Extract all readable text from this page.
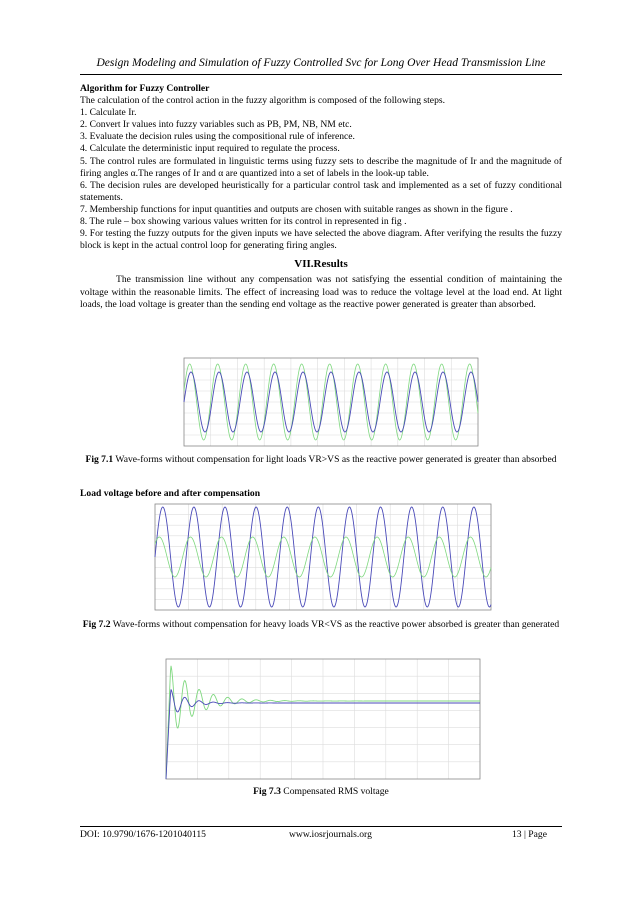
Design Modeling and Simulation of Fuzzy Controlled Svc for Long Over Head Transmission Line

Algorithm for Fuzzy Controller

The calculation of the control action in the fuzzy algorithm is composed of the following steps.

1. Calculate Ir.

2. Convert Ir values into fuzzy variables such as PB, PM, NB, NM etc.

3. Evaluate the decision rules using the compositional rule of inference.

4. Calculate the deterministic input required to regulate the process.

5. The control rules are formulated in linguistic terms using fuzzy sets to describe the magnitude of Ir and the magnitude of firing angles α.The ranges of Ir and α are quantized into a set of labels in the look-up table.

6. The decision rules are developed heuristically for a particular control task and implemented as a set of fuzzy conditional statements.

7. Membership functions for input quantities and outputs are chosen with suitable ranges as shown in the figure .

8. The rule – box showing various values written for its control in represented in fig .

9. For testing the fuzzy outputs for the given inputs we have selected the above diagram. After verifying the results the fuzzy block is kept in the actual control loop for generating firing angles.

VII.Results

The transmission line without any compensation was not satisfying the essential condition of maintaining the voltage within the reasonable limits. The effect of increasing load was to reduce the voltage level at the load end. At light loads, the load voltage is greater than the sending end voltage as the reactive power generated is greater than absorbed.

Fig 7.1 Wave-forms without compensation for light loads VR>VS as the reactive power generated is greater than absorbed
Load voltage before and after compensation
Fig 7.2 Wave-forms without compensation for heavy loads VR<VS as the reactive power absorbed is greater than generated
Fig 7.3 Compensated RMS voltage
DOI: 10.9790/1676-1201040115	www.iosrjournals.org	13 | Page
